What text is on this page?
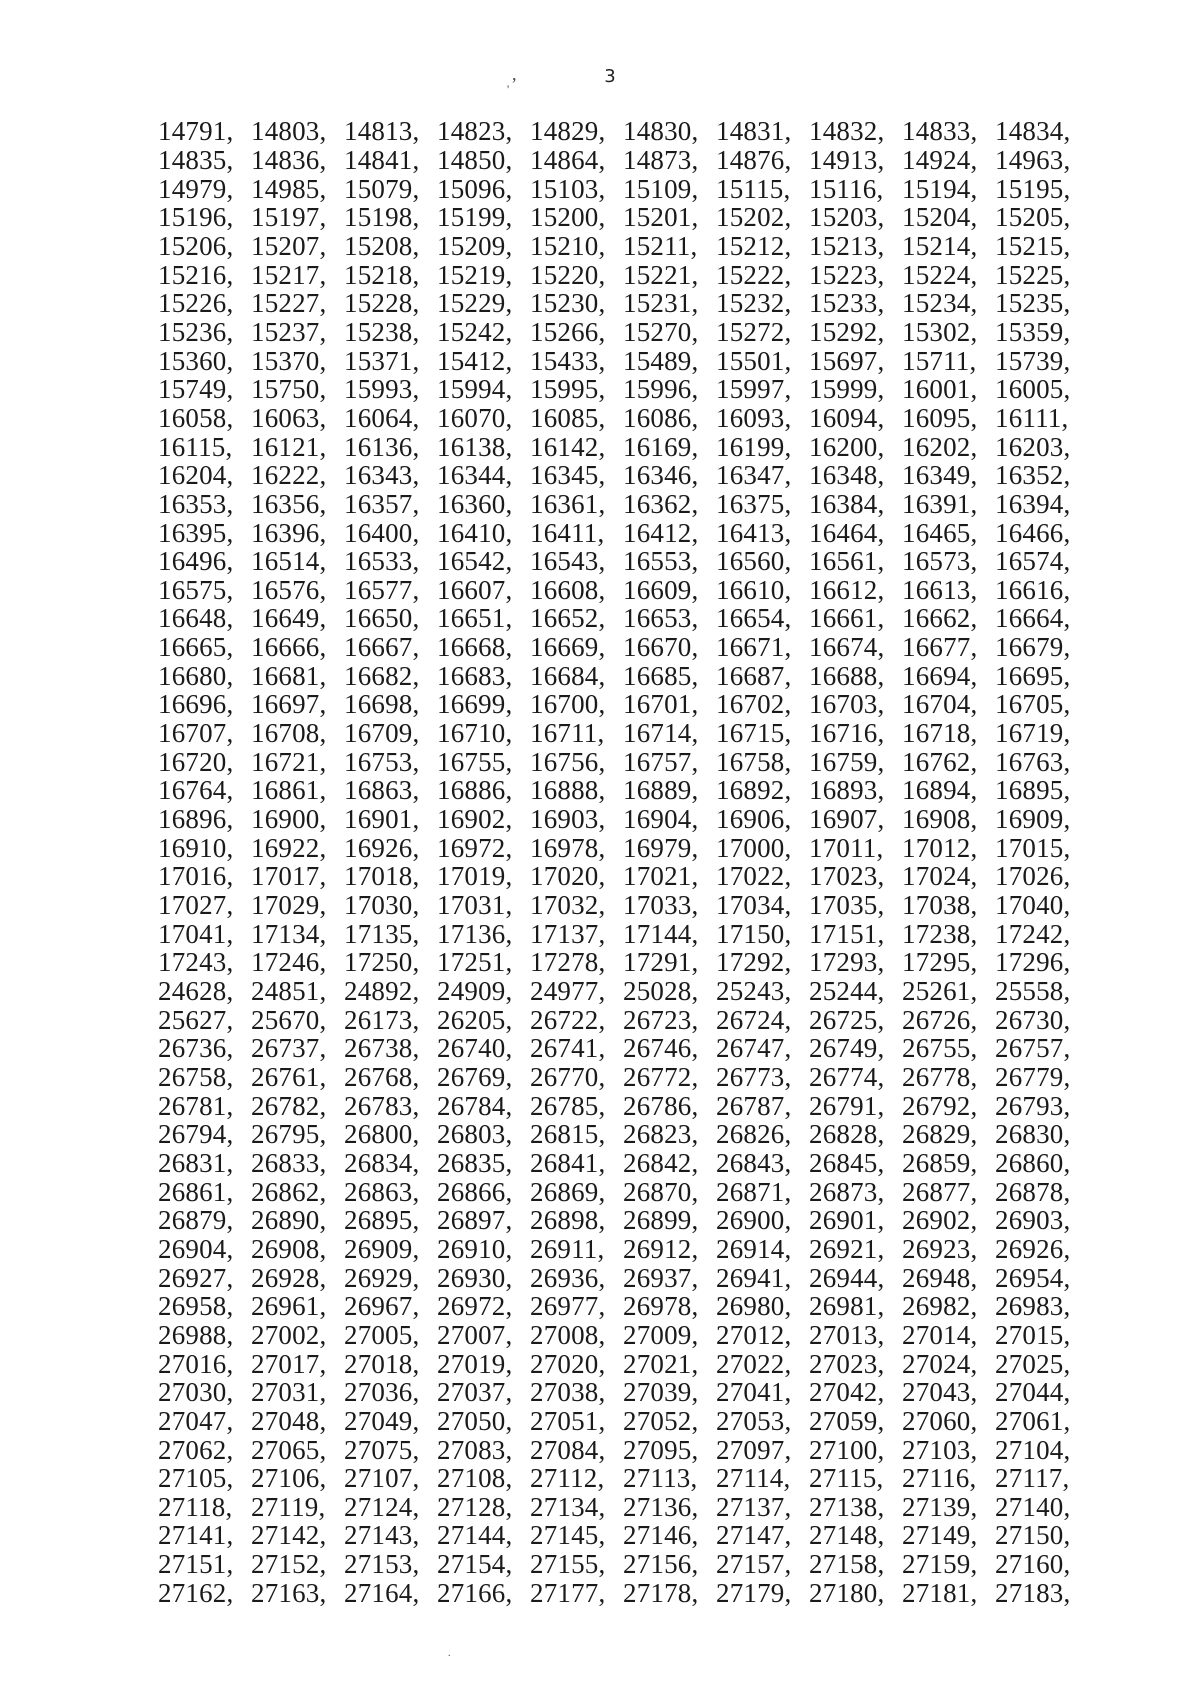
3
,
'
.
14791, 14803, 14813, 14823, 14829, 14830, 14831, 14832, 14833, 14834,
14835, 14836, 14841, 14850, 14864, 14873, 14876, 14913, 14924, 14963,
14979, 14985, 15079, 15096, 15103, 15109, 15115, 15116, 15194, 15195,
15196, 15197, 15198, 15199, 15200, 15201, 15202, 15203, 15204, 15205,
15206, 15207, 15208, 15209, 15210, 15211, 15212, 15213, 15214, 15215,
15216, 15217, 15218, 15219, 15220, 15221, 15222, 15223, 15224, 15225,
15226, 15227, 15228, 15229, 15230, 15231, 15232, 15233, 15234, 15235,
15236, 15237, 15238, 15242, 15266, 15270, 15272, 15292, 15302, 15359,
15360, 15370, 15371, 15412, 15433, 15489, 15501, 15697, 15711, 15739,
15749, 15750, 15993, 15994, 15995, 15996, 15997, 15999, 16001, 16005,
16058, 16063, 16064, 16070, 16085, 16086, 16093, 16094, 16095, 16111,
16115, 16121, 16136, 16138, 16142, 16169, 16199, 16200, 16202, 16203,
16204, 16222, 16343, 16344, 16345, 16346, 16347, 16348, 16349, 16352,
16353, 16356, 16357, 16360, 16361, 16362, 16375, 16384, 16391, 16394,
16395, 16396, 16400, 16410, 16411, 16412, 16413, 16464, 16465, 16466,
16496, 16514, 16533, 16542, 16543, 16553, 16560, 16561, 16573, 16574,
16575, 16576, 16577, 16607, 16608, 16609, 16610, 16612, 16613, 16616,
16648, 16649, 16650, 16651, 16652, 16653, 16654, 16661, 16662, 16664,
16665, 16666, 16667, 16668, 16669, 16670, 16671, 16674, 16677, 16679,
16680, 16681, 16682, 16683, 16684, 16685, 16687, 16688, 16694, 16695,
16696, 16697, 16698, 16699, 16700, 16701, 16702, 16703, 16704, 16705,
16707, 16708, 16709, 16710, 16711, 16714, 16715, 16716, 16718, 16719,
16720, 16721, 16753, 16755, 16756, 16757, 16758, 16759, 16762, 16763,
16764, 16861, 16863, 16886, 16888, 16889, 16892, 16893, 16894, 16895,
16896, 16900, 16901, 16902, 16903, 16904, 16906, 16907, 16908, 16909,
16910, 16922, 16926, 16972, 16978, 16979, 17000, 17011, 17012, 17015,
17016, 17017, 17018, 17019, 17020, 17021, 17022, 17023, 17024, 17026,
17027, 17029, 17030, 17031, 17032, 17033, 17034, 17035, 17038, 17040,
17041, 17134, 17135, 17136, 17137, 17144, 17150, 17151, 17238, 17242,
17243, 17246, 17250, 17251, 17278, 17291, 17292, 17293, 17295, 17296,
24628, 24851, 24892, 24909, 24977, 25028, 25243, 25244, 25261, 25558,
25627, 25670, 26173, 26205, 26722, 26723, 26724, 26725, 26726, 26730,
26736, 26737, 26738, 26740, 26741, 26746, 26747, 26749, 26755, 26757,
26758, 26761, 26768, 26769, 26770, 26772, 26773, 26774, 26778, 26779,
26781, 26782, 26783, 26784, 26785, 26786, 26787, 26791, 26792, 26793,
26794, 26795, 26800, 26803, 26815, 26823, 26826, 26828, 26829, 26830,
26831, 26833, 26834, 26835, 26841, 26842, 26843, 26845, 26859, 26860,
26861, 26862, 26863, 26866, 26869, 26870, 26871, 26873, 26877, 26878,
26879, 26890, 26895, 26897, 26898, 26899, 26900, 26901, 26902, 26903,
26904, 26908, 26909, 26910, 26911, 26912, 26914, 26921, 26923, 26926,
26927, 26928, 26929, 26930, 26936, 26937, 26941, 26944, 26948, 26954,
26958, 26961, 26967, 26972, 26977, 26978, 26980, 26981, 26982, 26983,
26988, 27002, 27005, 27007, 27008, 27009, 27012, 27013, 27014, 27015,
27016, 27017, 27018, 27019, 27020, 27021, 27022, 27023, 27024, 27025,
27030, 27031, 27036, 27037, 27038, 27039, 27041, 27042, 27043, 27044,
27047, 27048, 27049, 27050, 27051, 27052, 27053, 27059, 27060, 27061,
27062, 27065, 27075, 27083, 27084, 27095, 27097, 27100, 27103, 27104,
27105, 27106, 27107, 27108, 27112, 27113, 27114, 27115, 27116, 27117,
27118, 27119, 27124, 27128, 27134, 27136, 27137, 27138, 27139, 27140,
27141, 27142, 27143, 27144, 27145, 27146, 27147, 27148, 27149, 27150,
27151, 27152, 27153, 27154, 27155, 27156, 27157, 27158, 27159, 27160,
27162, 27163, 27164, 27166, 27177, 27178, 27179, 27180, 27181, 27183,
